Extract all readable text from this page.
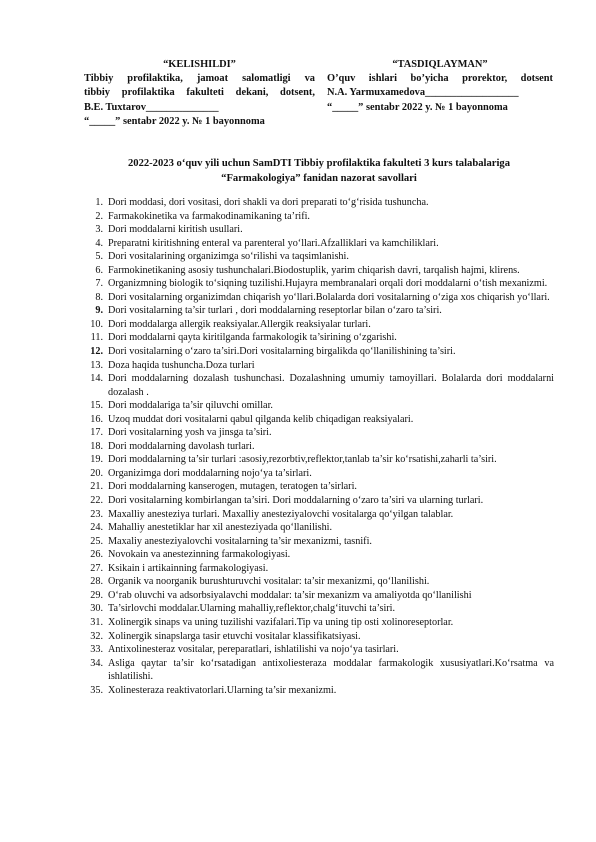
“KELISHILDI”
Tibbiy profilaktika, jamoat salomatligi va
tibbiy profilaktika fakulteti dekani, dotsent,
B.E. Tuxtarov______________
“_____” sentabr 2022 y. № 1 bayonnoma
“TASDIQLAYMAN”
O’quv ishlari bo’yicha prorektor, dotsent
N.A. Yarmuxamedova__________________
“_____” sentabr 2022 y. № 1 bayonnoma
2022-2023 o‘quv yili uchun SamDTI Tibbiy profilaktika fakulteti 3 kurs talabalariga
“Farmakologiya” fanidan nazorat savollari
1. Dori moddasi, dori vositasi, dori shakli va dori preparati to‘g‘risida tushuncha.
2. Farmakokinetika va farmakodinamikaning ta’rifi.
3. Dori moddalarni kiritish usullari.
4. Preparatni kiritishning enteral va parenteral yo‘llari.Afzalliklari va kamchiliklari.
5. Dori vositalarining organizimga so‘rilishi va taqsimlanishi.
6. Farmokinetikaning asosiy tushunchalari.Biodostuplik, yarim chiqarish davri, tarqalish hajmi, klirens.
7. Organizmning biologik to‘siqning tuzilishi.Hujayra membranalari orqali dori moddalarni o‘tish mexanizmi.
8. Dori vositalarning organizimdan chiqarish yo‘llari.Bolalarda dori vositalarning o‘ziga xos chiqarish yo‘llari.
9. Dori vositalarning ta’sir turlari , dori moddalarning reseptorlar bilan o‘zaro ta’siri.
10. Dori moddalarga allergik reaksiyalar.Allergik reaksiyalar turlari.
11. Dori moddalarni qayta kiritilganda farmakologik ta’sirining o‘zgarishi.
12. Dori vositalarning o‘zaro ta’siri.Dori vositalarning birgalikda qo‘llanilishining ta’siri.
13. Doza haqida tushuncha.Doza turlari
14. Dori moddalarning dozalash tushunchasi. Dozalashning umumiy tamoyillari. Bolalarda dori moddalarni dozalash .
15. Dori moddalariga ta’sir qiluvchi omillar.
16. Uzoq muddat dori vositalarni qabul qilganda kelib chiqadigan reaksiyalari.
17. Dori vositalarning yosh va jinsga ta’siri.
18. Dori moddalarning davolash turlari.
19. Dori moddalarning ta’sir turlari :asosiy,rezorbtiv,reflektor,tanlab ta’sir ko‘rsatishi,zaharli ta’siri.
20. Organizimga dori moddalarning nojo‘ya ta’sirlari.
21. Dori moddalarning kanserogen, mutagen, teratogen ta’sirlari.
22. Dori vositalarning kombirlangan ta’siri. Dori moddalarning o‘zaro ta’siri va ularning turlari.
23. Maxalliy anesteziya turlari. Maxalliy anesteziyalovchi vositalarga qo‘yilgan talablar.
24. Mahalliy anestetiklar har xil anesteziyada qo‘llanilishi.
25. Maxaliy anesteziyalovchi vositalarning ta’sir mexanizmi, tasnifi.
26. Novokain va anestezinning farmakologiyasi.
27. Ksikain i artikainning farmakologiyasi.
28. Organik va noorganik burushturuvchi vositalar: ta’sir mexanizmi, qo‘llanilishi.
29. O‘rab oluvchi va adsorbsiyalavchi moddalar: ta’sir mexanizm va amaliyotda qo‘llanilishi
30. Ta’sirlovchi moddalar.Ularning mahalliy,reflektor,chalg‘ituvchi ta’siri.
31. Xolinergik sinaps va uning tuzilishi vazifalari.Tip va uning tip osti xolinoreseptorlar.
32. Xolinergik sinapslarga tasir etuvchi vositalar klassifikatsiyasi.
33. Antixolinesteraz vositalar, pereparatlari, ishlatilishi va nojo‘ya tasirlari.
34. Asliga qaytar ta’sir ko‘rsatadigan antixoliesteraza moddalar farmakologik xususiyatlari.Ko‘rsatma va ishlatilishi.
35. Xolinesteraza reaktivatorlari.Ularning ta’sir mexanizmi.
